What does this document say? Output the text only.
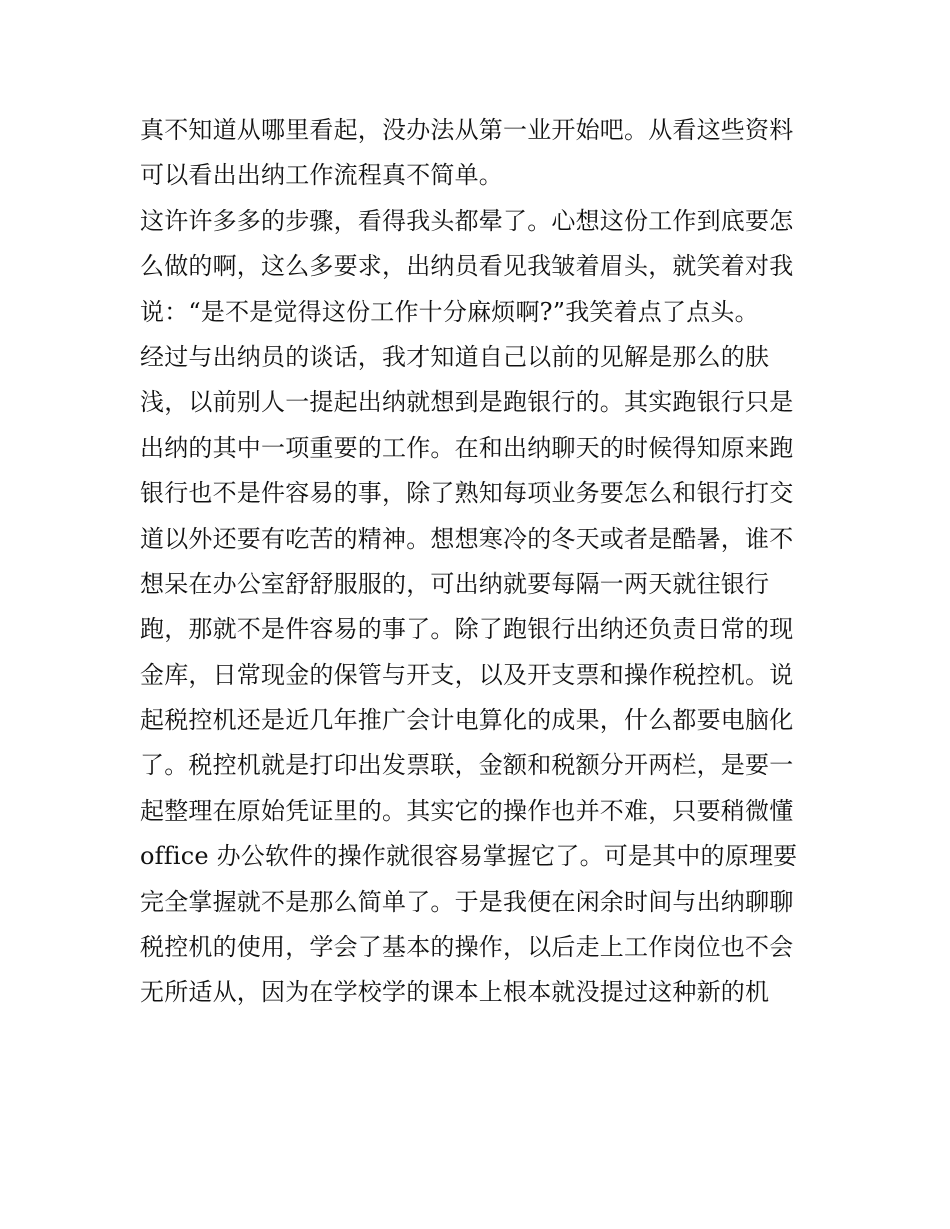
真不知道从哪里看起，没办法从第一业开始吧。从看这些资料
可以看出出纳工作流程真不简单。
这许许多多的步骤，看得我头都晕了。心想这份工作到底要怎
么做的啊，这么多要求，出纳员看见我皱着眉头，就笑着对我
说：“是不是觉得这份工作十分麻烦啊?”我笑着点了点头。
经过与出纳员的谈话，我才知道自己以前的见解是那么的肤
浅，以前别人一提起出纳就想到是跑银行的。其实跑银行只是
出纳的其中一项重要的工作。在和出纳聊天的时候得知原来跑
银行也不是件容易的事，除了熟知每项业务要怎么和银行打交
道以外还要有吃苦的精神。想想寒冷的冬天或者是酷暑，谁不
想呆在办公室舒舒服服的，可出纳就要每隔一两天就往银行
跑，那就不是件容易的事了。除了跑银行出纳还负责日常的现
金库，日常现金的保管与开支，以及开支票和操作税控机。说
起税控机还是近几年推广会计电算化的成果，什么都要电脑化
了。税控机就是打印出发票联，金额和税额分开两栏，是要一
起整理在原始凭证里的。其实它的操作也并不难，只要稍微懂
office 办公软件的操作就很容易掌握它了。可是其中的原理要
完全掌握就不是那么简单了。于是我便在闲余时间与出纳聊聊
税控机的使用，学会了基本的操作，以后走上工作岗位也不会
无所适从，因为在学校学的课本上根本就没提过这种新的机
